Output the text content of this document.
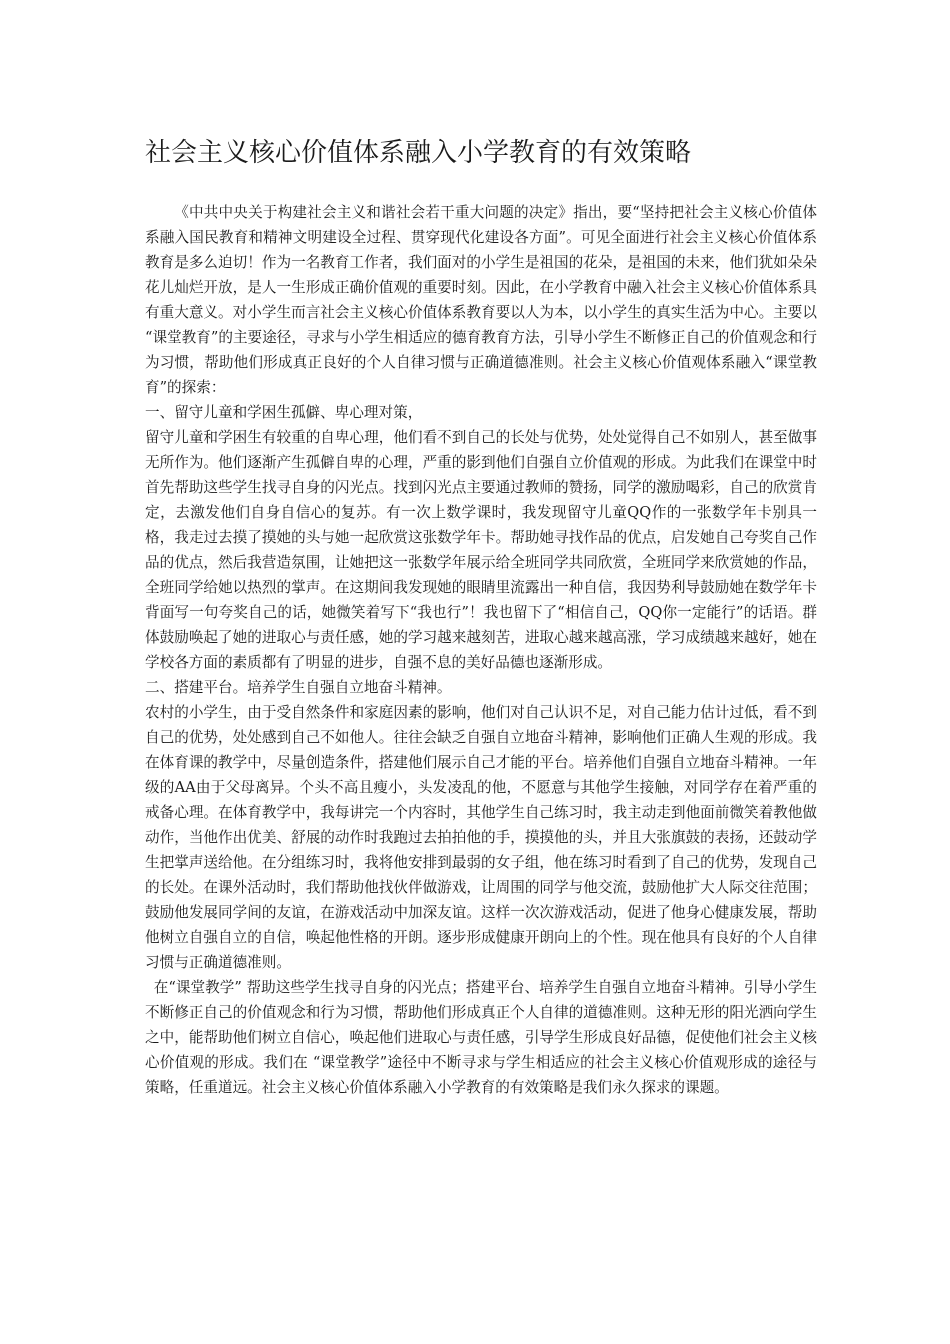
社会主义核心价值体系融入小学教育的有效策略

《中共中央关于构建社会主义和谐社会若干重大问题的决定》指出，要“坚持把社会主义核心价值体系融入国民教育和精神文明建设全过程、贯穿现代化建设各方面”。可见全面进行社会主义核心价值体系教育是多么迫切！作为一名教育工作者，我们面对的小学生是祖国的花朵，是祖国的未来，他们犹如朵朵花儿灿烂开放，是人一生形成正确价值观的重要时刻。因此，在小学教育中融入社会主义核心价值体系具有重大意义。对小学生而言社会主义核心价值体系教育要以人为本，以小学生的真实生活为中心。主要以 “课堂教育”的主要途径，寻求与小学生相适应的德育教育方法，引导小学生不断修正自己的价值观念和行为习惯，帮助他们形成真正良好的个人自律习惯与正确道德准则。社会主义核心价值观体系融入“课堂教育”的探索：

一、留守儿童和学困生孤僻、卑心理对策，

留守儿童和学困生有较重的自卑心理，他们看不到自己的长处与优势，处处觉得自己不如别人，甚至做事无所作为。他们逐渐产生孤僻自卑的心理，严重的影到他们自强自立价值观的形成。为此我们在课堂中时首先帮助这些学生找寻自身的闪光点。找到闪光点主要通过教师的赞扬，同学的激励喝彩，自己的欣赏肯定，去激发他们自身自信心的复苏。有一次上数学课时，我发现留守儿童QQ作的一张数学年卡别具一格，我走过去摸了摸她的头与她一起欣赏这张数学年卡。帮助她寻找作品的优点，启发她自己夸奖自己作品的优点，然后我营造氛围，让她把这一张数学年展示给全班同学共同欣赏，全班同学来欣赏她的作品，全班同学给她以热烈的掌声。在这期间我发现她的眼睛里流露出一种自信，我因势利导鼓励她在数学年卡背面写一句夸奖自己的话，她微笑着写下“我也行”！我也留下了“相信自己，QQ你一定能行”的话语。群体鼓励唤起了她的进取心与责任感，她的学习越来越刻苦，进取心越来越高涨，学习成绩越来越好，她在学校各方面的素质都有了明显的进步，自强不息的美好品德也逐渐形成。

二、搭建平台。培养学生自强自立地奋斗精神。

农村的小学生，由于受自然条件和家庭因素的影响，他们对自己认识不足，对自己能力估计过低，看不到自己的优势，处处感到自己不如他人。往往会缺乏自强自立地奋斗精神，影响他们正确人生观的形成。我在体育课的教学中，尽量创造条件，搭建他们展示自己才能的平台。培养他们自强自立地奋斗精神。一年级的AA由于父母离异。个头不高且瘦小，头发凌乱的他，不愿意与其他学生接触，对同学存在着严重的戒备心理。在体育教学中，我每讲完一个内容时，其他学生自己练习时，我主动走到他面前微笑着教他做动作，当他作出优美、舒展的动作时我跑过去拍拍他的手，摸摸他的头，并且大张旗鼓的表扬，还鼓动学生把掌声送给他。在分组练习时，我将他安排到最弱的女子组，他在练习时看到了自己的优势，发现自己的长处。在课外活动时，我们帮助他找伙伴做游戏，让周围的同学与他交流，鼓励他扩大人际交往范围；鼓励他发展同学间的友谊，在游戏活动中加深友谊。这样一次次游戏活动，促进了他身心健康发展，帮助他树立自强自立的自信，唤起他性格的开朗。逐步形成健康开朗向上的个性。现在他具有良好的个人自律习惯与正确道德准则。

在“课堂教学” 帮助这些学生找寻自身的闪光点；搭建平台、培养学生自强自立地奋斗精神。引导小学生不断修正自己的价值观念和行为习惯，帮助他们形成真正个人自律的道德准则。这种无形的阳光洒向学生之中，能帮助他们树立自信心，唤起他们进取心与责任感，引导学生形成良好品德，促使他们社会主义核心价值观的形成。我们在 “课堂教学”途径中不断寻求与学生相适应的社会主义核心价值观形成的途径与策略，任重道远。社会主义核心价值体系融入小学教育的有效策略是我们永久探求的课题。
